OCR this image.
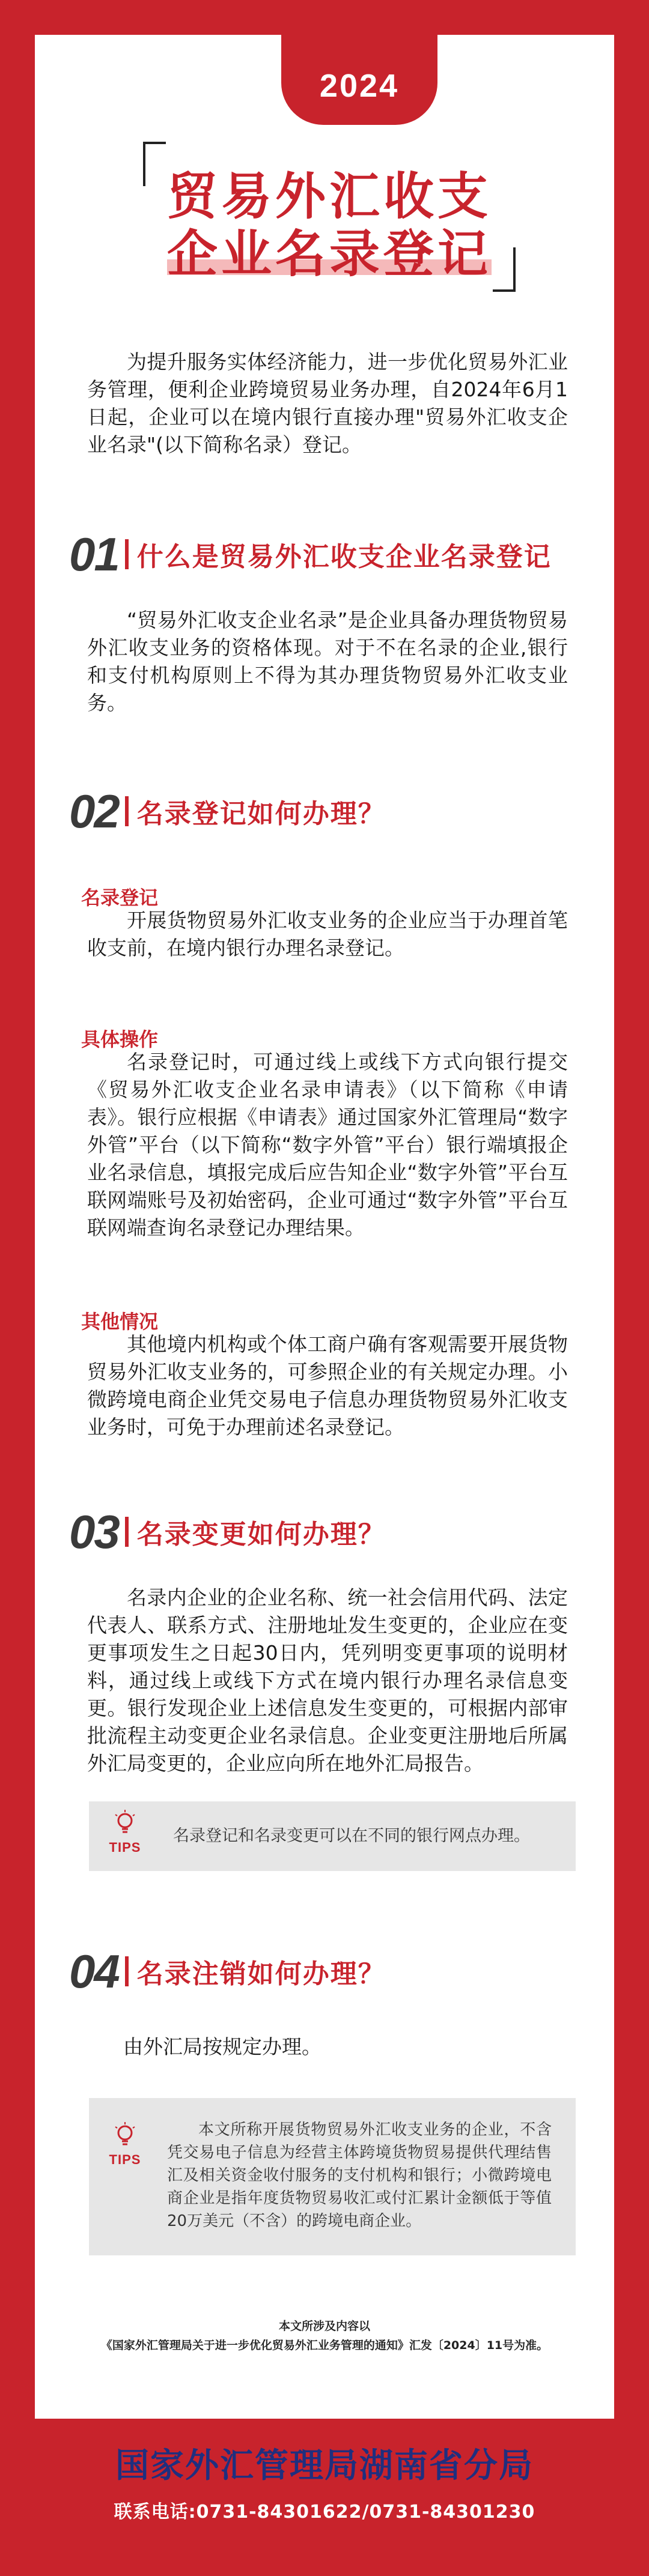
2024
贸易外汇收支
企业名录登记
为提升服务实体经济能力，进一步优化贸易外汇业务管理，便利企业跨境贸易业务办理，自2024年6月1日起，企业可以在境内银行直接办理"贸易外汇收支企业名录"(以下简称名录）登记。
01 什么是贸易外汇收支企业名录登记
“贸易外汇收支企业名录”是企业具备办理货物贸易外汇收支业务的资格体现。对于不在名录的企业,银行和支付机构原则上不得为其办理货物贸易外汇收支业务。
02 名录登记如何办理？
名录登记
开展货物贸易外汇收支业务的企业应当于办理首笔收支前，在境内银行办理名录登记。
具体操作
名录登记时，可通过线上或线下方式向银行提交《贸易外汇收支企业名录申请表》（以下简称《申请表》。银行应根据《申请表》通过国家外汇管理局“数字外管”平台（以下简称“数字外管”平台）银行端填报企业名录信息，填报完成后应告知企业“数字外管”平台互联网端账号及初始密码，企业可通过“数字外管”平台互联网端查询名录登记办理结果。
其他情况
其他境内机构或个体工商户确有客观需要开展货物贸易外汇收支业务的，可参照企业的有关规定办理。小微跨境电商企业凭交易电子信息办理货物贸易外汇收支业务时，可免于办理前述名录登记。
03 名录变更如何办理？
名录内企业的企业名称、统一社会信用代码、法定代表人、联系方式、注册地址发生变更的，企业应在变更事项发生之日起30日内，凭列明变更事项的说明材料，通过线上或线下方式在境内银行办理名录信息变更。银行发现企业上述信息发生变更的，可根据内部审批流程主动变更企业名录信息。企业变更注册地后所属外汇局变更的，企业应向所在地外汇局报告。
TIPS
名录登记和名录变更可以在不同的银行网点办理。
04 名录注销如何办理？
由外汇局按规定办理。
TIPS
本文所称开展货物贸易外汇收支业务的企业，不含凭交易电子信息为经营主体跨境货物贸易提供代理结售汇及相关资金收付服务的支付机构和银行；小微跨境电商企业是指年度货物贸易收汇或付汇累计金额低于等值20万美元（不含）的跨境电商企业。
本文所涉及内容以
《国家外汇管理局关于进一步优化贸易外汇业务管理的通知》汇发〔2024〕11号为准。
国家外汇管理局湖南省分局
联系电话:0731-84301622/0731-84301230
